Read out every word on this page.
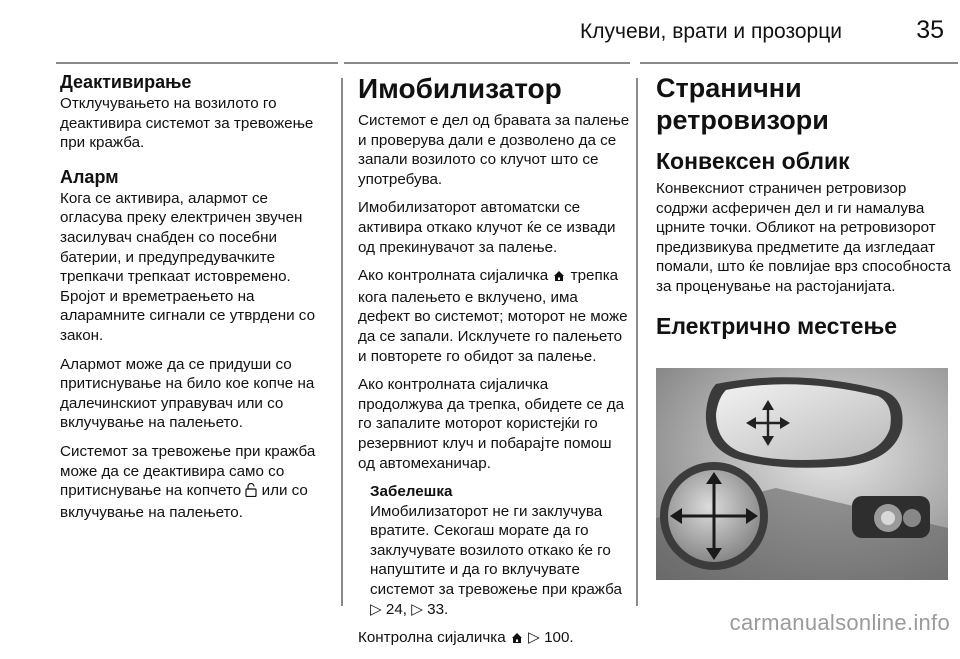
Клучеви, врати и прозорци	35
Деактивирање

Отклучувањето на возилото го деактивира системот за тревожење при кражба.

Аларм

Кога се активира, алармот се огласува преку електричен звучен засилувач снабден со посебни батерии, и предупредувачките трепкачи трепкаат истовремено. Бројот и времетраењето на аларамните сигнали се утврдени со закон.

Алармот може да се придуши со притиснување на било кое копче на далечинскиот управувач или со вклучување на палењето.

Системот за тревожење при кражба може да се деактивира само со притиснување на копчето  или со вклучување на палењето.

Имобилизатор

Системот е дел од бравата за палење и проверува дали е дозволено да се запали возилото со клучот што се употребува.

Имобилизаторот автоматски се активира откако клучот ќе се извади од прекинувачот за палење.

Ако контролната сијаличка  трепка кога палењето е вклучено, има дефект во системот; моторот не може да се запали. Исклучете го палењето и повторете го обидот за палење.

Ако контролната сијаличка продолжува да трепка, обидете се да го запалите моторот користејќи го резервниот клуч и побарајте помош од автомеханичар.

Забелешка

Имобилизаторот не ги заклучува вратите. Секогаш морате да го заклучувате возилото откако ќе го напуштите и да го вклучувате системот за тревожење при кражба ▷ 24, ▷ 33.

Контролна сијаличка ▷ 100.

Странични ретровизори
Конвексен облик

Конвексниот страничен ретровизор содржи асферичен дел и ги намалува црните точки. Обликот на ретровизорот предизвикува предметите да изгледаат помали, што ќе повлијае врз способноста за проценување на растојанијата.

Електрично местење
carmanualsonline.info
